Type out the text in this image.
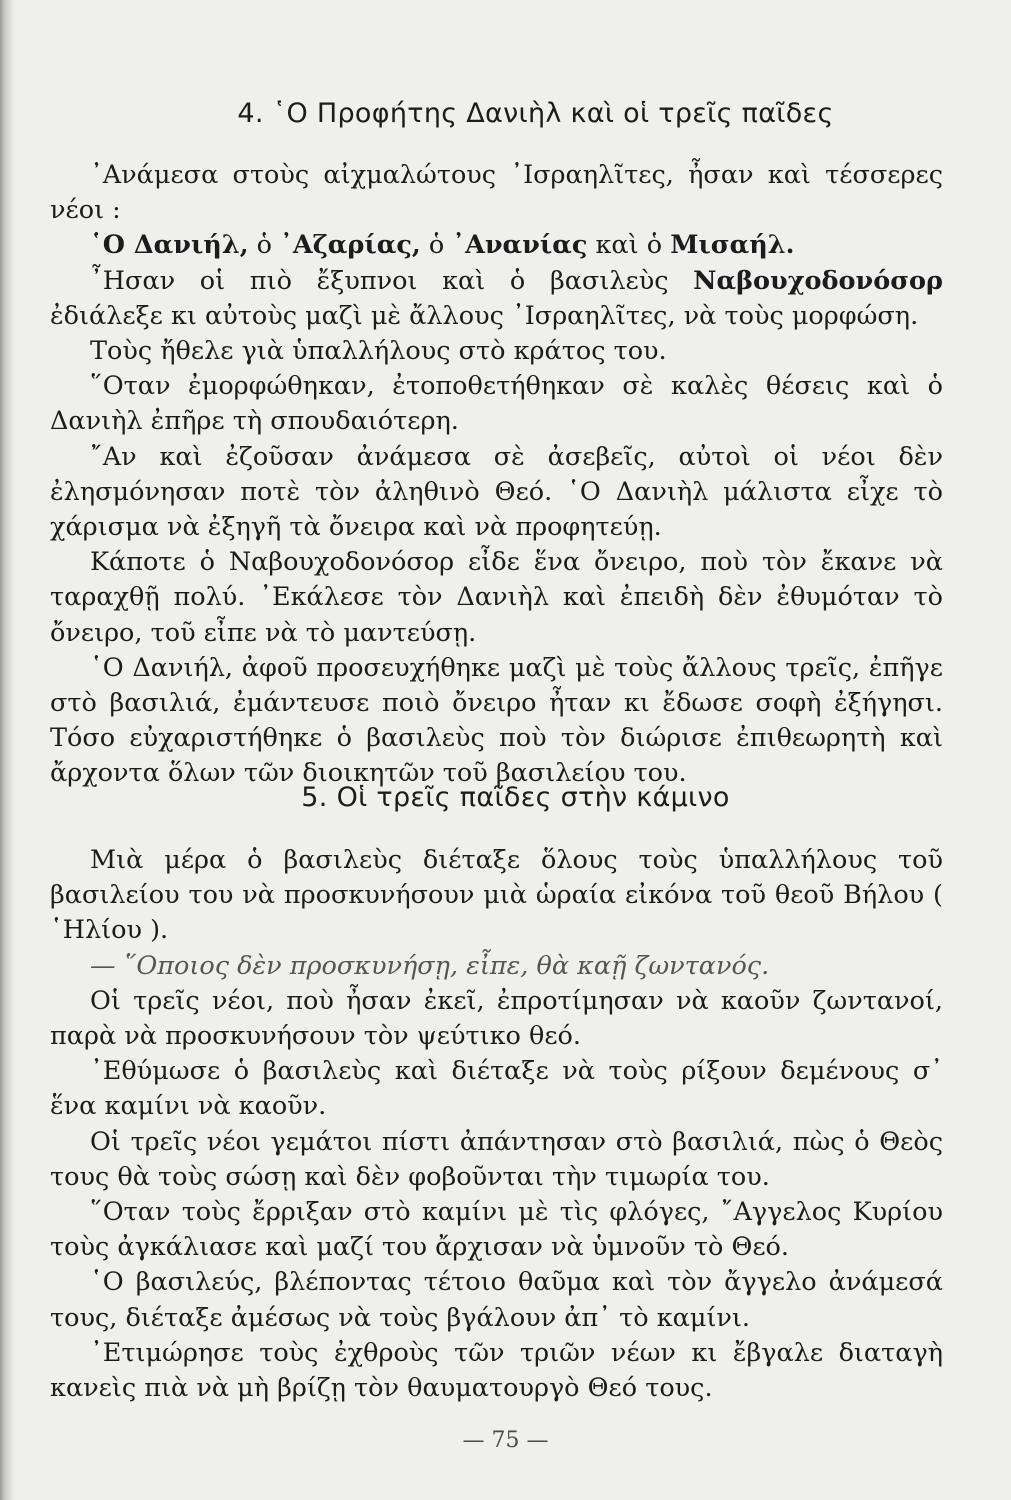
4. ῾Ο Προφήτης Δανιὴλ καὶ οἱ τρεῖς παῖδες

᾿Ανάμεσα στοὺς αἰχμαλώτους ᾿Ισραηλῖτες, ἦσαν καὶ τέσσερες νέοι :

῾Ο Δανιήλ, ὁ ᾿Αζαρίας, ὁ ᾿Ανανίας καὶ ὁ Μισαήλ.

῏Ησαν οἱ πιὸ ἔξυπνοι καὶ ὁ βασιλεὺς Ναβουχοδονόσορ ἐδιάλεξε κι αὐτοὺς μαζὶ μὲ ἄλλους ᾿Ισραηλῖτες, νὰ τοὺς μορφώση.

Τοὺς ἤθελε γιὰ ὑπαλλήλους στὸ κράτος του.

῞Οταν ἐμορφώθηκαν, ἐτοποθετήθηκαν σὲ καλὲς θέσεις καὶ ὁ Δανιὴλ ἐπῆρε τὴ σπουδαιότερη.

῎Αν καὶ ἐζοῦσαν ἀνάμεσα σὲ ἀσεβεῖς, αὐτοὶ οἱ νέοι δὲν ἐλησμόνησαν ποτὲ τὸν ἀληθινὸ Θεό. ῾Ο Δανιὴλ μάλιστα εἶχε τὸ χάρισμα νὰ ἐξηγῆ τὰ ὄνειρα καὶ νὰ προφητεύῃ.

Κάποτε ὁ Ναβουχοδονόσορ εἶδε ἕνα ὄνειρο, ποὺ τὸν ἔκανε νὰ ταραχθῇ πολύ. ᾿Εκάλεσε τὸν Δανιὴλ καὶ ἐπειδὴ δὲν ἐθυμόταν τὸ ὄνειρο, τοῦ εἶπε νὰ τὸ μαντεύσῃ.

῾Ο Δανιήλ, ἀφοῦ προσευχήθηκε μαζὶ μὲ τοὺς ἄλλους τρεῖς, ἐπῆγε στὸ βασιλιά, ἐμάντευσε ποιὸ ὄνειρο ἦταν κι ἔδωσε σοφὴ ἐξήγησι. Τόσο εὐχαριστήθηκε ὁ βασιλεὺς ποὺ τὸν διώρισε ἐπιθεωρητὴ καὶ ἄρχοντα ὅλων τῶν διοικητῶν τοῦ βασιλείου του.

5. Οἱ τρεῖς παῖδες στὴν κάμινο

Μιὰ μέρα ὁ βασιλεὺς διέταξε ὅλους τοὺς ὑπαλλήλους τοῦ βασιλείου του νὰ προσκυνήσουν μιὰ ὡραία εἰκόνα τοῦ θεοῦ Βήλου ( ῾Ηλίου ).

— ῞Οποιος δὲν προσκυνήσῃ, εἶπε, θὰ καῇ ζωντανός.

Οἱ τρεῖς νέοι, ποὺ ἦσαν ἐκεῖ, ἐπροτίμησαν νὰ καοῦν ζωντανοί, παρὰ νὰ προσκυνήσουν τὸν ψεύτικο θεό.

᾿Εθύμωσε ὁ βασιλεὺς καὶ διέταξε νὰ τοὺς ρίξουν δεμένους σ᾿ ἕνα καμίνι νὰ καοῦν.

Οἱ τρεῖς νέοι γεμάτοι πίστι ἀπάντησαν στὸ βασιλιά, πὼς ὁ Θεὸς τους θὰ τοὺς σώσῃ καὶ δὲν φοβοῦνται τὴν τιμωρία του.

῞Οταν τοὺς ἔρριξαν στὸ καμίνι μὲ τὶς φλόγες, ῎Αγγελος Κυρίου τοὺς ἀγκάλιασε καὶ μαζί του ἄρχισαν νὰ ὑμνοῦν τὸ Θεό.

῾Ο βασιλεύς, βλέποντας τέτοιο θαῦμα καὶ τὸν ἄγγελο ἀνάμεσά τους, διέταξε ἀμέσως νὰ τοὺς βγάλουν ἀπ᾿ τὸ καμίνι.

᾿Ετιμώρησε τοὺς ἐχθροὺς τῶν τριῶν νέων κι ἔβγαλε διαταγὴ κανεὶς πιὰ νὰ μὴ βρίζῃ τὸν θαυματουργὸ Θεό τους.

— 75 —
